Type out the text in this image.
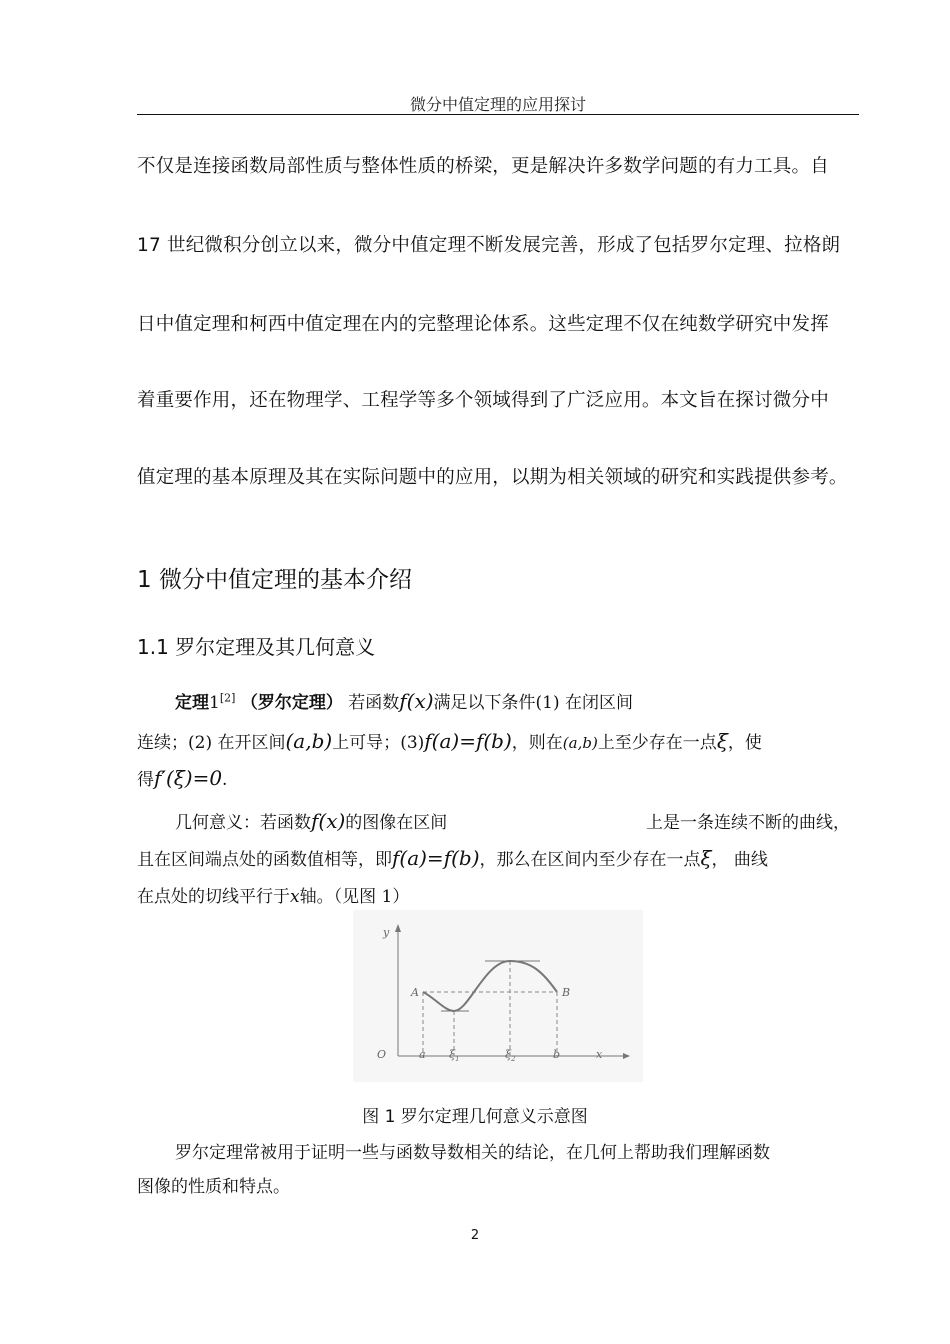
微分中值定理的应用探讨
不仅是连接函数局部性质与整体性质的桥梁，更是解决许多数学问题的有力工具。自
17 世纪微积分创立以来，微分中值定理不断发展完善，形成了包括罗尔定理、拉格朗
日中值定理和柯西中值定理在内的完整理论体系。这些定理不仅在纯数学研究中发挥
着重要作用，还在物理学、工程学等多个领域得到了广泛应用。本文旨在探讨微分中
值定理的基本原理及其在实际问题中的应用，以期为相关领域的研究和实践提供参考。
1 微分中值定理的基本介绍
1.1 罗尔定理及其几何意义
定理1[2] （罗尔定理） 若函数f(x)满足以下条件(1) 在闭区间
连续；(2) 在开区间(a,b)上可导；(3)f(a)=f(b)，则在(a,b)上至少存在一点ξ，使
得f′(ξ)=0.
几何意义：若函数f(x)的图像在区间	上是一条连续不断的曲线，
且在区间端点处的函数值相等，即f(a)=f(b)，那么在区间内至少存在一点ξ， 曲线
在点处的切线平行于x轴。（见图 1）
y
x
O
A	B
a $\xi_1$	$\xi_2$	b
图 1 罗尔定理几何意义示意图
罗尔定理常被用于证明一些与函数导数相关的结论，在几何上帮助我们理解函数
图像的性质和特点。
2
